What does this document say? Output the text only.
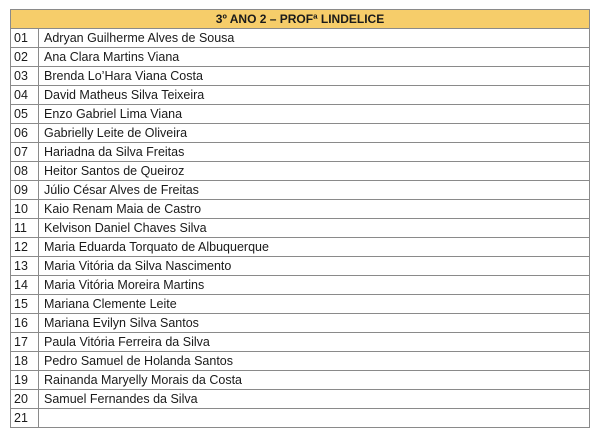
3º ANO 2 – PROFª LINDELICE	
01	Adryan Guilherme Alves de Sousa
02	Ana Clara Martins Viana
03	Brenda Lo’Hara Viana Costa
04	David Matheus Silva Teixeira
05	Enzo Gabriel Lima Viana
06	Gabrielly Leite de Oliveira
07	Hariadna da Silva Freitas
08	Heitor Santos de Queiroz
09	Júlio César Alves de Freitas
10	Kaio Renam Maia de Castro
11	Kelvison Daniel Chaves Silva
12	Maria Eduarda Torquato de Albuquerque
13	Maria Vitória da Silva Nascimento
14	Maria Vitória Moreira Martins
15	Mariana Clemente Leite
16	Mariana Evilyn Silva Santos
17	Paula Vitória Ferreira da Silva
18	Pedro Samuel de Holanda Santos
19	Rainanda Maryelly Morais da Costa
20	Samuel Fernandes da Silva
21	
